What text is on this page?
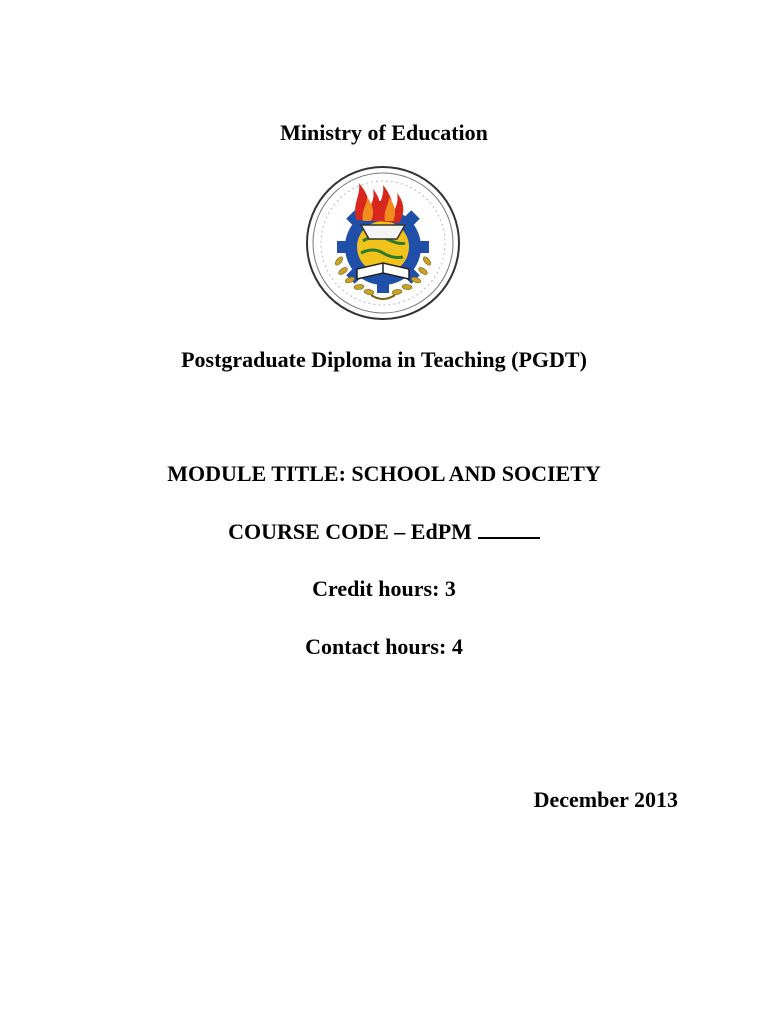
Ministry of Education
Postgraduate Diploma in Teaching (PGDT)
MODULE TITLE: SCHOOL AND SOCIETY
COURSE CODE – EdPM
Credit hours: 3
Contact hours: 4
December 2013
